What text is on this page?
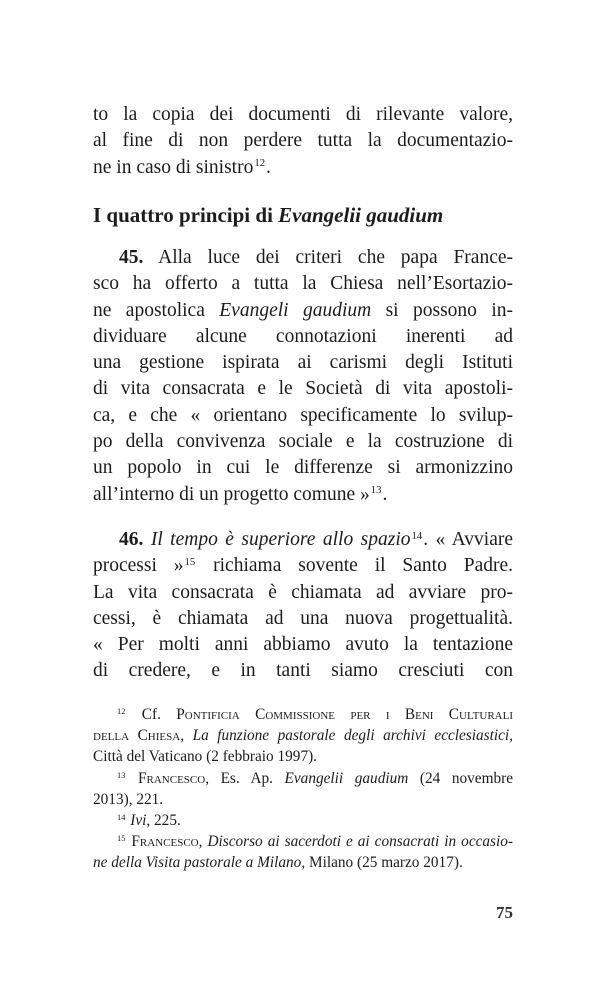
to la copia dei documenti di rilevante valore,
al fine di non perdere tutta la documentazio-
ne in caso di sinistro$^{12}$.
I quattro principi di Evangelii gaudium
45. Alla luce dei criteri che papa France-
sco ha offerto a tutta la Chiesa nell’Esortazio-
ne apostolica Evangeli gaudium si possono in-
dividuare alcune connotazioni inerenti ad
una gestione ispirata ai carismi degli Istituti
di vita consacrata e le Società di vita apostoli-
ca, e che « orientano specificamente lo svilup-
po della convivenza sociale e la costruzione di
un popolo in cui le differenze si armonizzino
all’interno di un progetto comune »$^{13}$.
46. Il tempo è superiore allo spazio$^{14}$. « Avviare
processi »$^{15}$ richiama sovente il Santo Padre.
La vita consacrata è chiamata ad avviare pro-
cessi, è chiamata ad una nuova progettualità.
« Per molti anni abbiamo avuto la tentazione
di credere, e in tanti siamo cresciuti con
$^{12}$ Cf. Pontificia Commissione per i Beni Culturali
della Chiesa, La funzione pastorale degli archivi ecclesiastici,
Città del Vaticano (2 febbraio 1997).
$^{13}$ Francesco, Es. Ap. Evangelii gaudium (24 novembre
2013), 221.
$^{14}$ Ivi, 225.
$^{15}$ Francesco, Discorso ai sacerdoti e ai consacrati in occasio-
ne della Visita pastorale a Milano, Milano (25 marzo 2017).
75
